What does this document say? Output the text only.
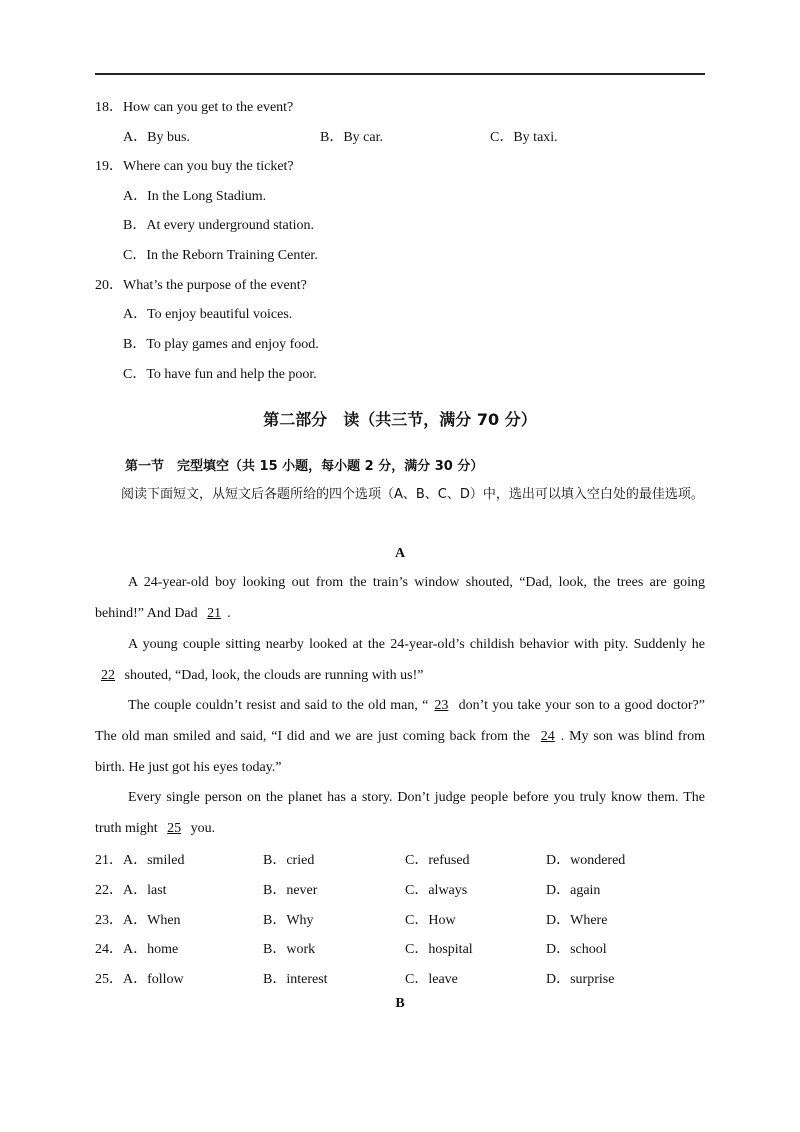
18．How can you get to the event?
A．By bus.	B．By car.	C．By taxi.
19．Where can you buy the ticket?
A．In the Long Stadium.
B．At every underground station.
C．In the Reborn Training Center.
20．What’s the purpose of the event?
A．To enjoy beautiful voices.
B．To play games and enjoy food.
C．To have fun and help the poor.
第二部分　读（共三节，满分 70 分）
第一节　完型填空（共 15 小题，每小题 2 分，满分 30 分）
阅读下面短文，从短文后各题所给的四个选项（A、B、C、D）中，选出可以填入空白处的最佳选项。
A
A 24-year-old boy looking out from the train’s window shouted, “Dad, look, the trees are going behind!” And Dad 21 .
A young couple sitting nearby looked at the 24-year-old’s childish behavior with pity. Suddenly he 22 shouted, “Dad, look, the clouds are running with us!”
The couple couldn’t resist and said to the old man, “ 23 don’t you take your son to a good doctor?” The old man smiled and said, “I did and we are just coming back from the 24 . My son was blind from birth. He just got his eyes today.”
Every single person on the planet has a story. Don’t judge people before you truly know them. The truth might 25 you.
21． A．smiled	B．cried	C．refused	D．wondered
22． A．last	B．never	C．always	D．again
23． A．When	B．Why	C．How	D．Where
24． A．home	B．work	C．hospital	D．school
25． A．follow	B．interest	C．leave	D．surprise
B
